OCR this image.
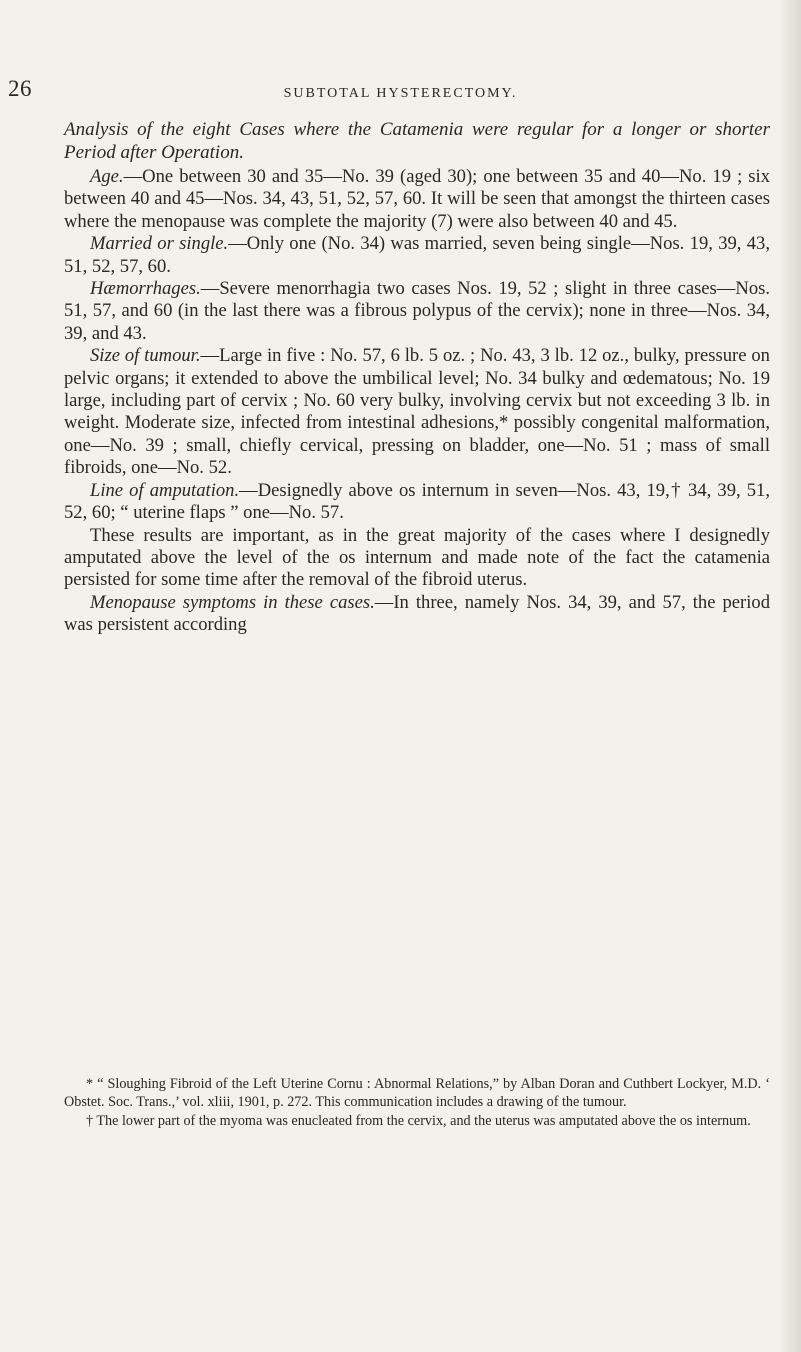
26	SUBTOTAL HYSTERECTOMY.

Analysis of the eight Cases where the Catamenia were regular for a longer or shorter Period after Operation.

Age.—One between 30 and 35—No. 39 (aged 30); one between 35 and 40—No. 19 ; six between 40 and 45—Nos. 34, 43, 51, 52, 57, 60. It will be seen that amongst the thirteen cases where the menopause was complete the majority (7) were also between 40 and 45.

Married or single.—Only one (No. 34) was married, seven being single—Nos. 19, 39, 43, 51, 52, 57, 60.

Hæmorrhages.—Severe menorrhagia two cases Nos. 19, 52 ; slight in three cases—Nos. 51, 57, and 60 (in the last there was a fibrous polypus of the cervix); none in three—Nos. 34, 39, and 43.

Size of tumour.—Large in five : No. 57, 6 lb. 5 oz. ; No. 43, 3 lb. 12 oz., bulky, pressure on pelvic organs; it extended to above the umbilical level; No. 34 bulky and œdematous; No. 19 large, including part of cervix ; No. 60 very bulky, involving cervix but not exceeding 3 lb. in weight. Moderate size, infected from intestinal adhesions,* possibly congenital malformation, one—No. 39 ; small, chiefly cervical, pressing on bladder, one—No. 51 ; mass of small fibroids, one—No. 52.

Line of amputation.—Designedly above os internum in seven—Nos. 43, 19,† 34, 39, 51, 52, 60; “ uterine flaps ” one—No. 57.

These results are important, as in the great majority of the cases where I designedly amputated above the level of the os internum and made note of the fact the catamenia persisted for some time after the removal of the fibroid uterus.

Menopause symptoms in these cases.—In three, namely Nos. 34, 39, and 57, the period was persistent according

* “ Sloughing Fibroid of the Left Uterine Cornu : Abnormal Relations,” by Alban Doran and Cuthbert Lockyer, M.D. ‘ Obstet. Soc. Trans.,’ vol. xliii, 1901, p. 272. This communication includes a drawing of the tumour.

† The lower part of the myoma was enucleated from the cervix, and the uterus was amputated above the os internum.
